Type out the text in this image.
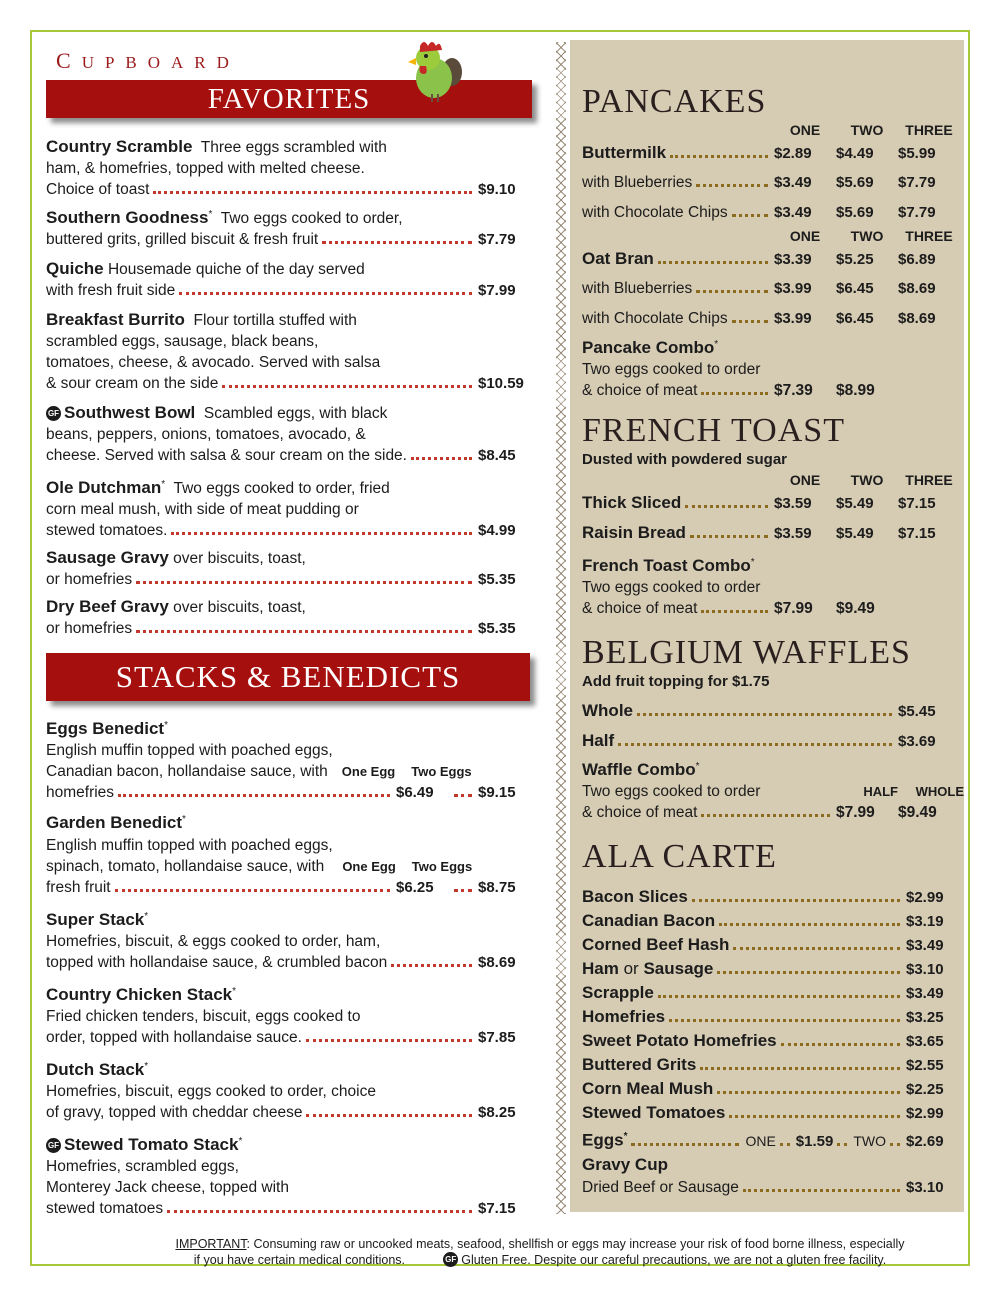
CUPBOARD
FAVORITES
Country Scramble Three eggs scrambled with
ham, & homefries, topped with melted cheese.
Choice of toast	$9.10
Southern Goodness* Two eggs cooked to order,
buttered grits, grilled biscuit & fresh fruit	$7.79
Quiche Housemade quiche of the day served
with fresh fruit side	$7.99
Breakfast Burrito Flour tortilla stuffed with
scrambled eggs, sausage, black beans,
tomatoes, cheese, & avocado. Served with salsa
& sour cream on the side	$10.59
GF Southwest Bowl Scambled eggs, with black
beans, peppers, onions, tomatoes, avocado, &
cheese. Served with salsa & sour cream on the side.	$8.45
Ole Dutchman* Two eggs cooked to order, fried
corn meal mush, with side of meat pudding or
stewed tomatoes.	$4.99
Sausage Gravy over biscuits, toast,
or homefries	$5.35
Dry Beef Gravy over biscuits, toast,
or homefries	$5.35
STACKS & BENEDICTS
Eggs Benedict*
English muffin topped with poached eggs,
Canadian bacon, hollandaise sauce, with One Egg Two Eggs
homefries	$6.49	$9.15
Garden Benedict*
English muffin topped with poached eggs,
spinach, tomato, hollandaise sauce, with One Egg Two Eggs
fresh fruit	$6.25	$8.75
Super Stack*
Homefries, biscuit, & eggs cooked to order, ham,
topped with hollandaise sauce, & crumbled bacon	$8.69
Country Chicken Stack*
Fried chicken tenders, biscuit, eggs cooked to
order, topped with hollandaise sauce.	$7.85
Dutch Stack*
Homefries, biscuit, eggs cooked to order, choice
of gravy, topped with cheddar cheese	$8.25
GF Stewed Tomato Stack*
Homefries, scrambled eggs,
Monterey Jack cheese, topped with
stewed tomatoes	$7.15
PANCAKES
ONE	TWO	THREE
Buttermilk	$2.89	$4.49	$5.99
with Blueberries	$3.49	$5.69	$7.79
with Chocolate Chips	$3.49	$5.69	$7.79
ONE	TWO	THREE
Oat Bran	$3.39	$5.25	$6.89
with Blueberries	$3.99	$6.45	$8.69
with Chocolate Chips	$3.99	$6.45	$8.69
Pancake Combo*
Two eggs cooked to order
& choice of meat	$7.39	$8.99
FRENCH TOAST
Dusted with powdered sugar
ONE	TWO	THREE
Thick Sliced	$3.59	$5.49	$7.15
Raisin Bread	$3.59	$5.49	$7.15
French Toast Combo*
Two eggs cooked to order
& choice of meat	$7.99	$9.49
BELGIUM WAFFLES
Add fruit topping for $1.75
Whole	$5.45
Half	$3.69
Waffle Combo*
Two eggs cooked to order	HALF WHOLE
& choice of meat	$7.99	$9.49
ALA CARTE
Bacon Slices	$2.99
Canadian Bacon	$3.19
Corned Beef Hash	$3.49
Ham or Sausage	$3.10
Scrapple	$3.49
Homefries	$3.25
Sweet Potato Homefries	$3.65
Buttered Grits	$2.55
Corn Meal Mush	$2.25
Stewed Tomatoes	$2.99
Eggs*	ONE $1.59 TWO $2.69
Gravy Cup
Dried Beef or Sausage	$3.10
IMPORTANT: Consuming raw or uncooked meats, seafood, shellfish or eggs may increase your risk of food borne illness, especially
if you have certain medical conditions.	GF Gluten Free. Despite our careful precautions, we are not a gluten free facility.
